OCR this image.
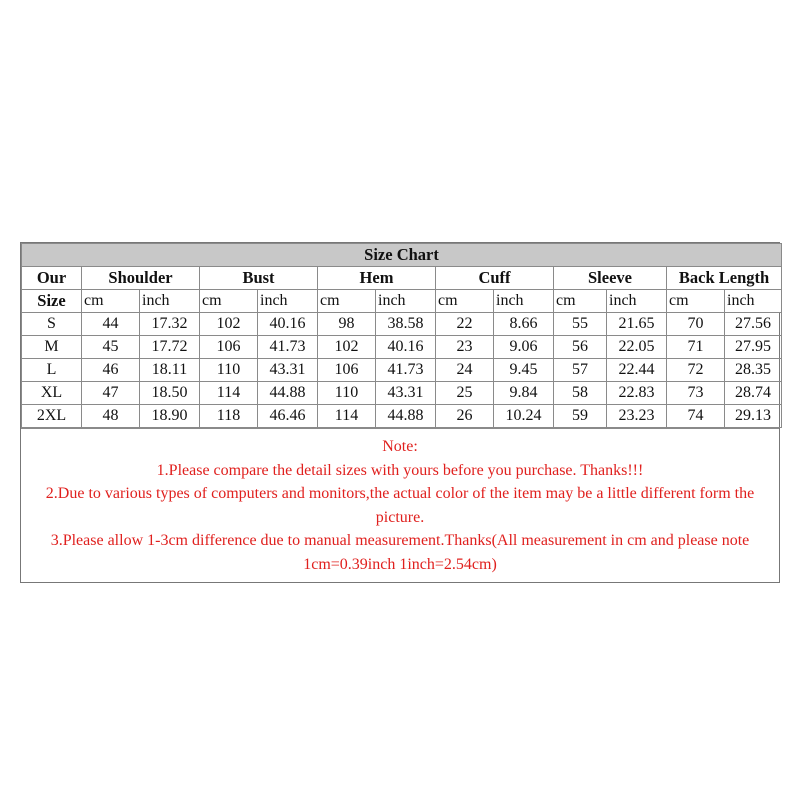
Size Chart												
Our	Shoulder		Bust		Hem		Cuff		Sleeve		Back Length	
Size	cm	inch	cm	inch	cm	inch	cm	inch	cm	inch	cm	inch
S	44	17.32	102	40.16	98	38.58	22	8.66	55	21.65	70	27.56
M	45	17.72	106	41.73	102	40.16	23	9.06	56	22.05	71	27.95
L	46	18.11	110	43.31	106	41.73	24	9.45	57	22.44	72	28.35
XL	47	18.50	114	44.88	110	43.31	25	9.84	58	22.83	73	28.74
2XL	48	18.90	118	46.46	114	44.88	26	10.24	59	23.23	74	29.13
Note:
1.Please compare the detail sizes with yours before you purchase. Thanks!!!
2.Due to various types of computers and monitors,the actual color of the item may be a little different form the picture.
3.Please allow 1-3cm difference due to manual measurement.Thanks(All measurement in cm and please note 1cm=0.39inch 1inch=2.54cm)
